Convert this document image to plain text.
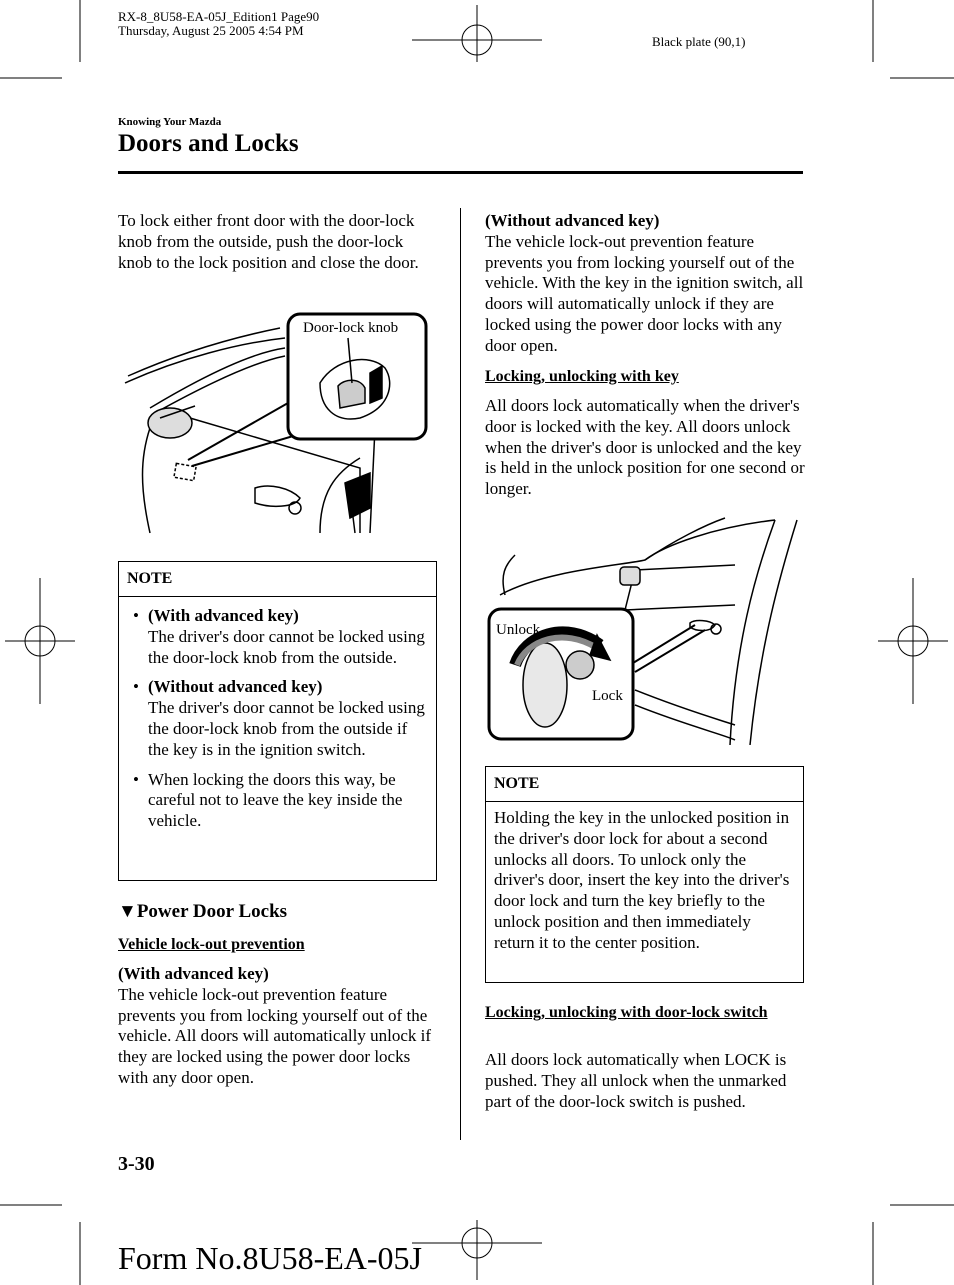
RX-8_8U58-EA-05J_Edition1 Page90
Thursday, August 25 2005 4:54 PM
Black plate (90,1)
Knowing Your Mazda
Doors and Locks
To lock either front door with the door-lock knob from the outside, push the door-lock knob to the lock position and close the door.
Door-lock knob
NOTE
• (With advanced key)
The driver's door cannot be locked using the door-lock knob from the outside.
• (Without advanced key)
The driver's door cannot be locked using the door-lock knob from the outside if the key is in the ignition switch.
• When locking the doors this way, be careful not to leave the key inside the vehicle.
▼Power Door Locks
Vehicle lock-out prevention
(With advanced key)
The vehicle lock-out prevention feature prevents you from locking yourself out of the vehicle. All doors will automatically unlock if they are locked using the power door locks with any door open.
(Without advanced key)
The vehicle lock-out prevention feature prevents you from locking yourself out of the vehicle. With the key in the ignition switch, all doors will automatically unlock if they are locked using the power door locks with any door open.
Locking, unlocking with key
All doors lock automatically when the driver's door is locked with the key. All doors unlock when the driver's door is unlocked and the key is held in the unlock position for one second or longer.
Unlock
Lock
NOTE
Holding the key in the unlocked position in the driver's door lock for about a second unlocks all doors. To unlock only the driver's door, insert the key into the driver's door lock and turn the key briefly to the unlock position and then immediately return it to the center position.
Locking, unlocking with door-lock switch
All doors lock automatically when LOCK is pushed. They all unlock when the unmarked part of the door-lock switch is pushed.
3-30
Form No.8U58-EA-05J
